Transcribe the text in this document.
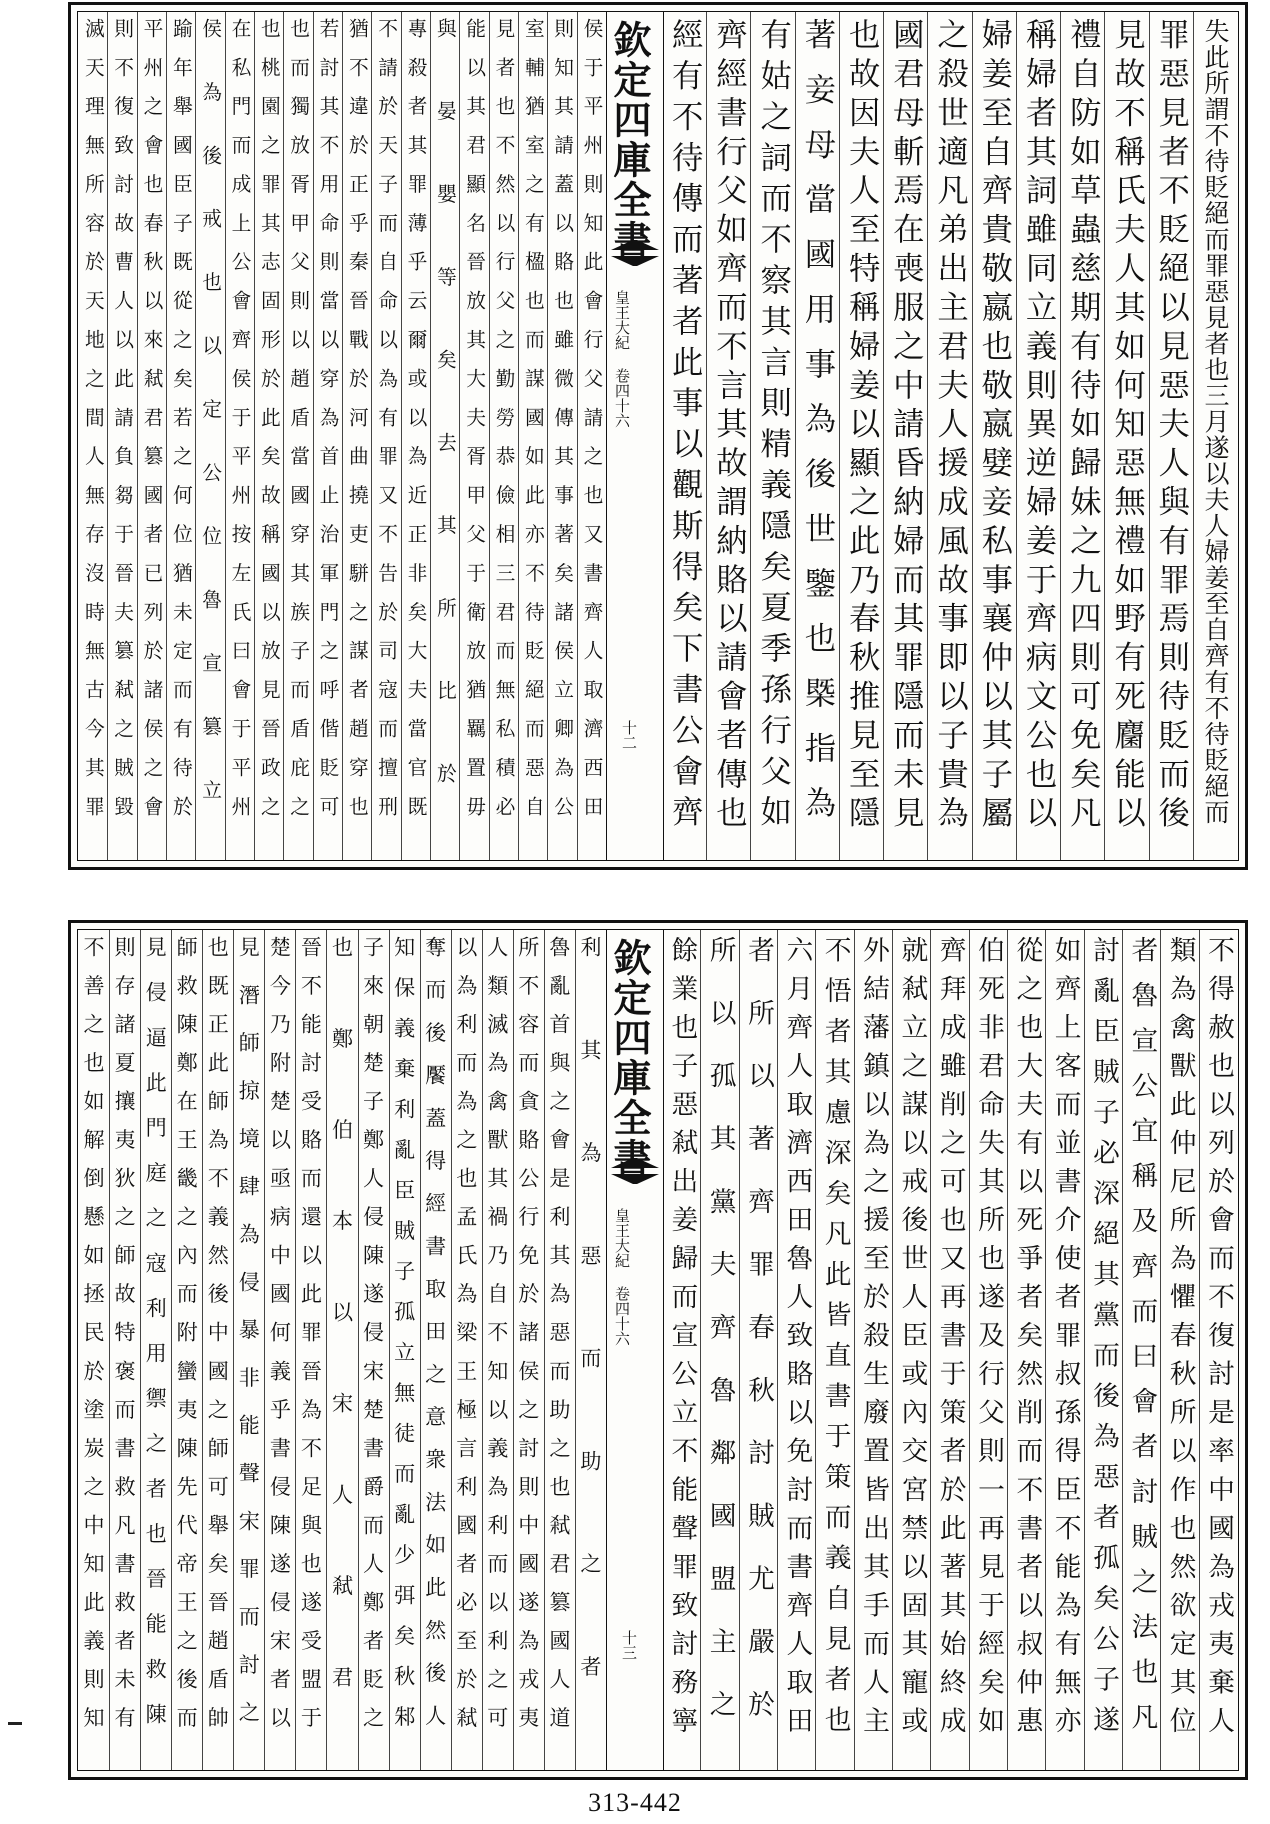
欽定四庫全書
皇王大紀 卷四十六
十二	失此所謂不待貶絕而罪惡見者也三月遂以夫人婦姜至自齊有不待貶絕而
罪惡見者不貶絕以見惡夫人與有罪焉則待貶而後
見故不稱氏夫人其如何知惡無禮如野有死麕能以
禮自防如草蟲慈期有待如歸妹之九四則可免矣凡
稱婦者其詞雖同立義則異逆婦姜于齊病文公也以
婦姜至自齊貴敬嬴也敬嬴嬖妾私事襄仲以其子屬
之殺世適凡弟出主君夫人援成風故事即以子貴為
國君母斬焉在喪服之中請昏納婦而其罪隱而未見
也故因夫人至特稱婦姜以顯之此乃春秋推見至隱
著妾母當國用事為後世鑒也槩指為
有姑之詞而不察其言則精義隱矣夏季孫行父如
齊經書行父如齊而不言其故謂納賂以請會者傳也
經有不待傳而著者此事以觀斯得矣下書公會齊
侯于平州則知此會行父請之也又書齊人取濟西田
則知其請蓋以賂也雖微傳其事著矣諸侯立卿為公
室輔猶室之有楹也而謀國如此亦不待貶絕而惡自
見者也不然以行父之勤勞恭儉相三君而無私積必
能以其君顯名晉放其大夫胥甲父于衛放猶羈置毋
與晏嬰等矣去其所比於
專殺者其罪薄乎云爾或以為近正非矣大夫當官既
不請於天子而自命以為有罪又不告於司寇而擅刑
猶不違於正乎秦晉戰於河曲撓吏駢之謀者趙穿也
若討其不用命則當以穿為首止治軍門之呼偕貶可
也而獨放胥甲父則以趙盾當國穿其族子而盾庇之
也桃園之罪其志固形於此矣故稱國以放見晉政之
在私門而成上公會齊侯于平州按左氏曰會于平州
侯為後戒也以定公位魯宣篡立
踰年舉國臣子既從之矣若之何位猶未定而有待於
平州之會也春秋以來弒君篡國者已列於諸侯之會
則不復致討故曹人以此請負芻于晉夫篡弒之賊毀
滅天理無所容於天地之間人無存沒時無古今其罪
欽定四庫全書
皇王大紀 卷四十六
十三	不得赦也以列於會而不復討是率中國為戎夷棄人
類為禽獸此仲尼所為懼春秋所以作也然欲定其位
者魯宣公宜稱及齊而曰會者討賊之法也凡
討亂臣賊子必深絕其黨而後為惡者孤矣公子遂
如齊上客而並書介使者罪叔孫得臣不能為有無亦
從之也大夫有以死爭者矣然削而不書者以叔仲惠
伯死非君命失其所也遂及行父則一再見于經矣如
齊拜成雖削之可也又再書于策者於此著其始終成
就弒立之謀以戒後世人臣或內交宮禁以固其寵或
外結藩鎮以為之援至於殺生廢置皆出其手而人主
不悟者其慮深矣凡此皆直書于策而義自見者也
六月齊人取濟西田魯人致賂以免討而書齊人取田
者所以著齊罪春秋討賊尤嚴於
所以孤其黨夫齊魯鄰國盟主之
餘業也子惡弒出姜歸而宣公立不能聲罪致討務寧
利其為惡而助之者
魯亂首與之會是利其為惡而助之也弒君篡國人道
所不容而貪賂公行免於諸侯之討則中國遂為戎夷
人類滅為禽獸其禍乃自不知以義為利而以利之可
以為利而為之也孟氏為梁王極言利國者必至於弒
奪而後饜蓋得經書取田之意衆法如此然後人
知保義棄利亂臣賊子孤立無徒而亂少弭矣秋邾
子來朝楚子鄭人侵陳遂侵宋楚書爵而人鄭者貶之
也鄭伯本以宋人弒君
晉不能討受賂而還以此罪晉為不足與也遂受盟于
楚今乃附楚以亟病中國何義乎書侵陳遂侵宋者以
見潛師掠境肆為侵暴非能聲宋罪而討之
也既正此師為不義然後中國之師可舉矣晉趙盾帥
師救陳鄭在王畿之內而附蠻夷陳先代帝王之後而
見侵逼此門庭之寇利用禦之者也晉能救陳
則存諸夏攘夷狄之師故特褒而書救凡書救者未有
不善之也如解倒懸如拯民於塗炭之中知此義則知
313-442
